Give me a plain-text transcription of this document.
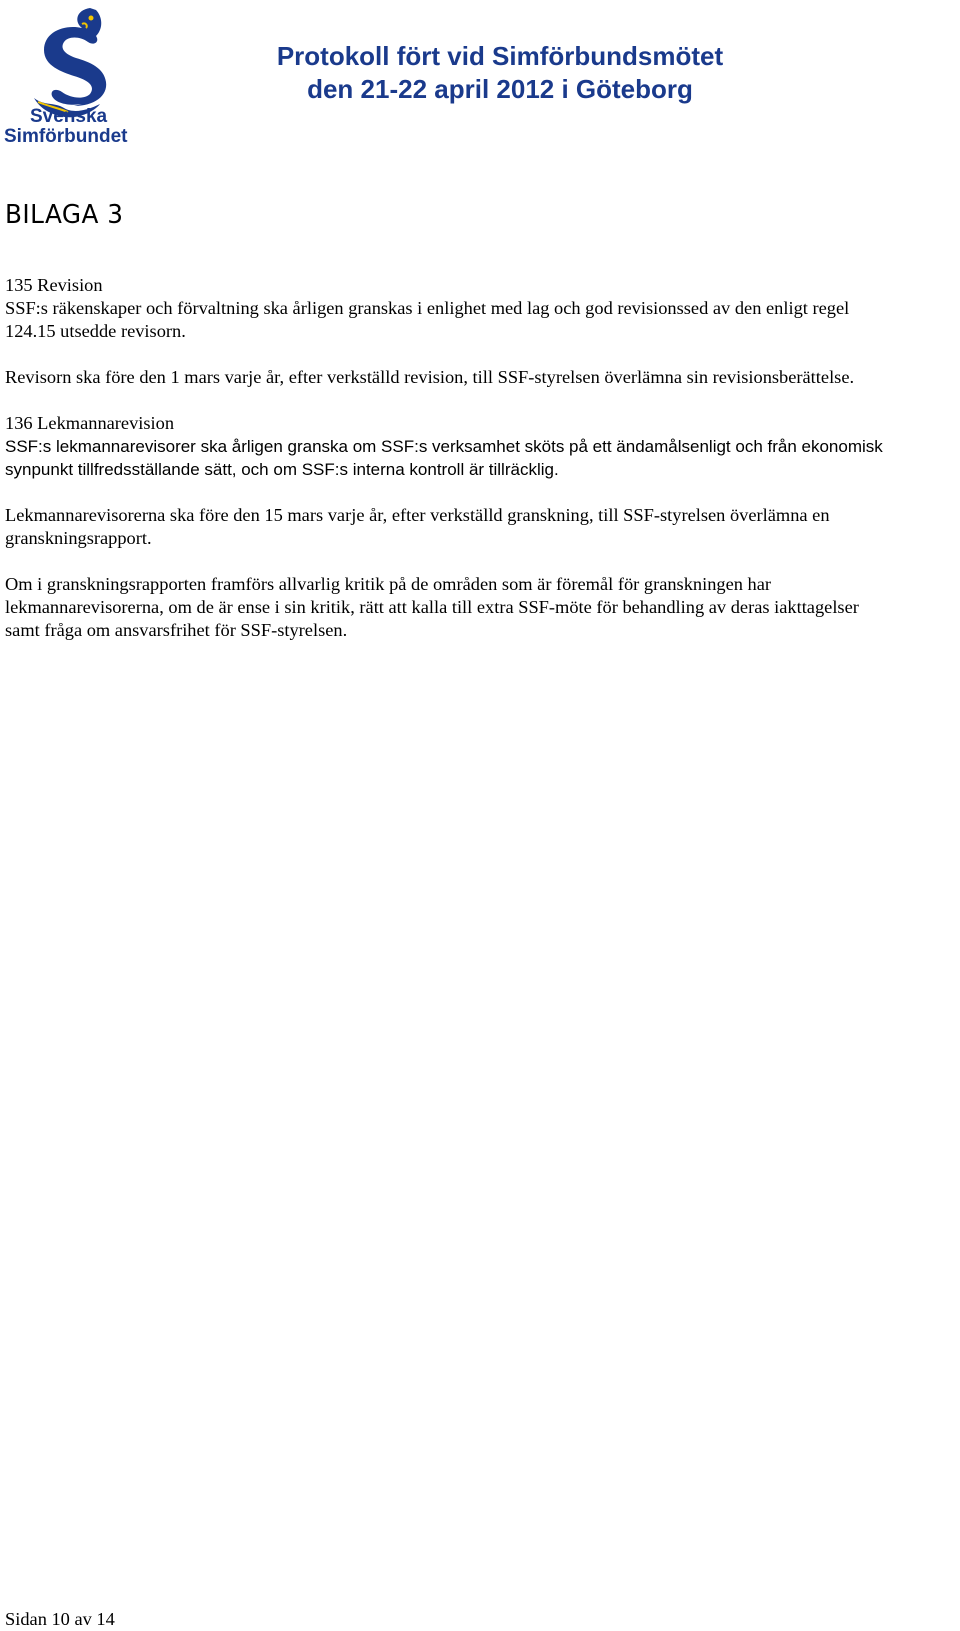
Svenska
Simförbundet
Protokoll fört vid Simförbundsmötet
den 21-22 april 2012 i Göteborg
BILAGA 3
135 Revision
SSF:s räkenskaper och förvaltning ska årligen granskas i enlighet med lag och god revisionssed av den enligt regel
124.15 utsedde revisorn.
Revisorn ska före den 1 mars varje år, efter verkställd revision, till SSF-styrelsen överlämna sin revisionsberättelse.
136 Lekmannarevision
SSF:s lekmannarevisorer ska årligen granska om SSF:s verksamhet sköts på ett ändamålsenligt och från ekonomisk
synpunkt tillfredsställande sätt, och om SSF:s interna kontroll är tillräcklig.
Lekmannarevisorerna ska före den 15 mars varje år, efter verkställd granskning, till SSF-styrelsen överlämna en
granskningsrapport.
Om i granskningsrapporten framförs allvarlig kritik på de områden som är föremål för granskningen har
lekmannarevisorerna, om de är ense i sin kritik, rätt att kalla till extra SSF-möte för behandling av deras iakttagelser
samt fråga om ansvarsfrihet för SSF-styrelsen.
Sidan 10 av 14
